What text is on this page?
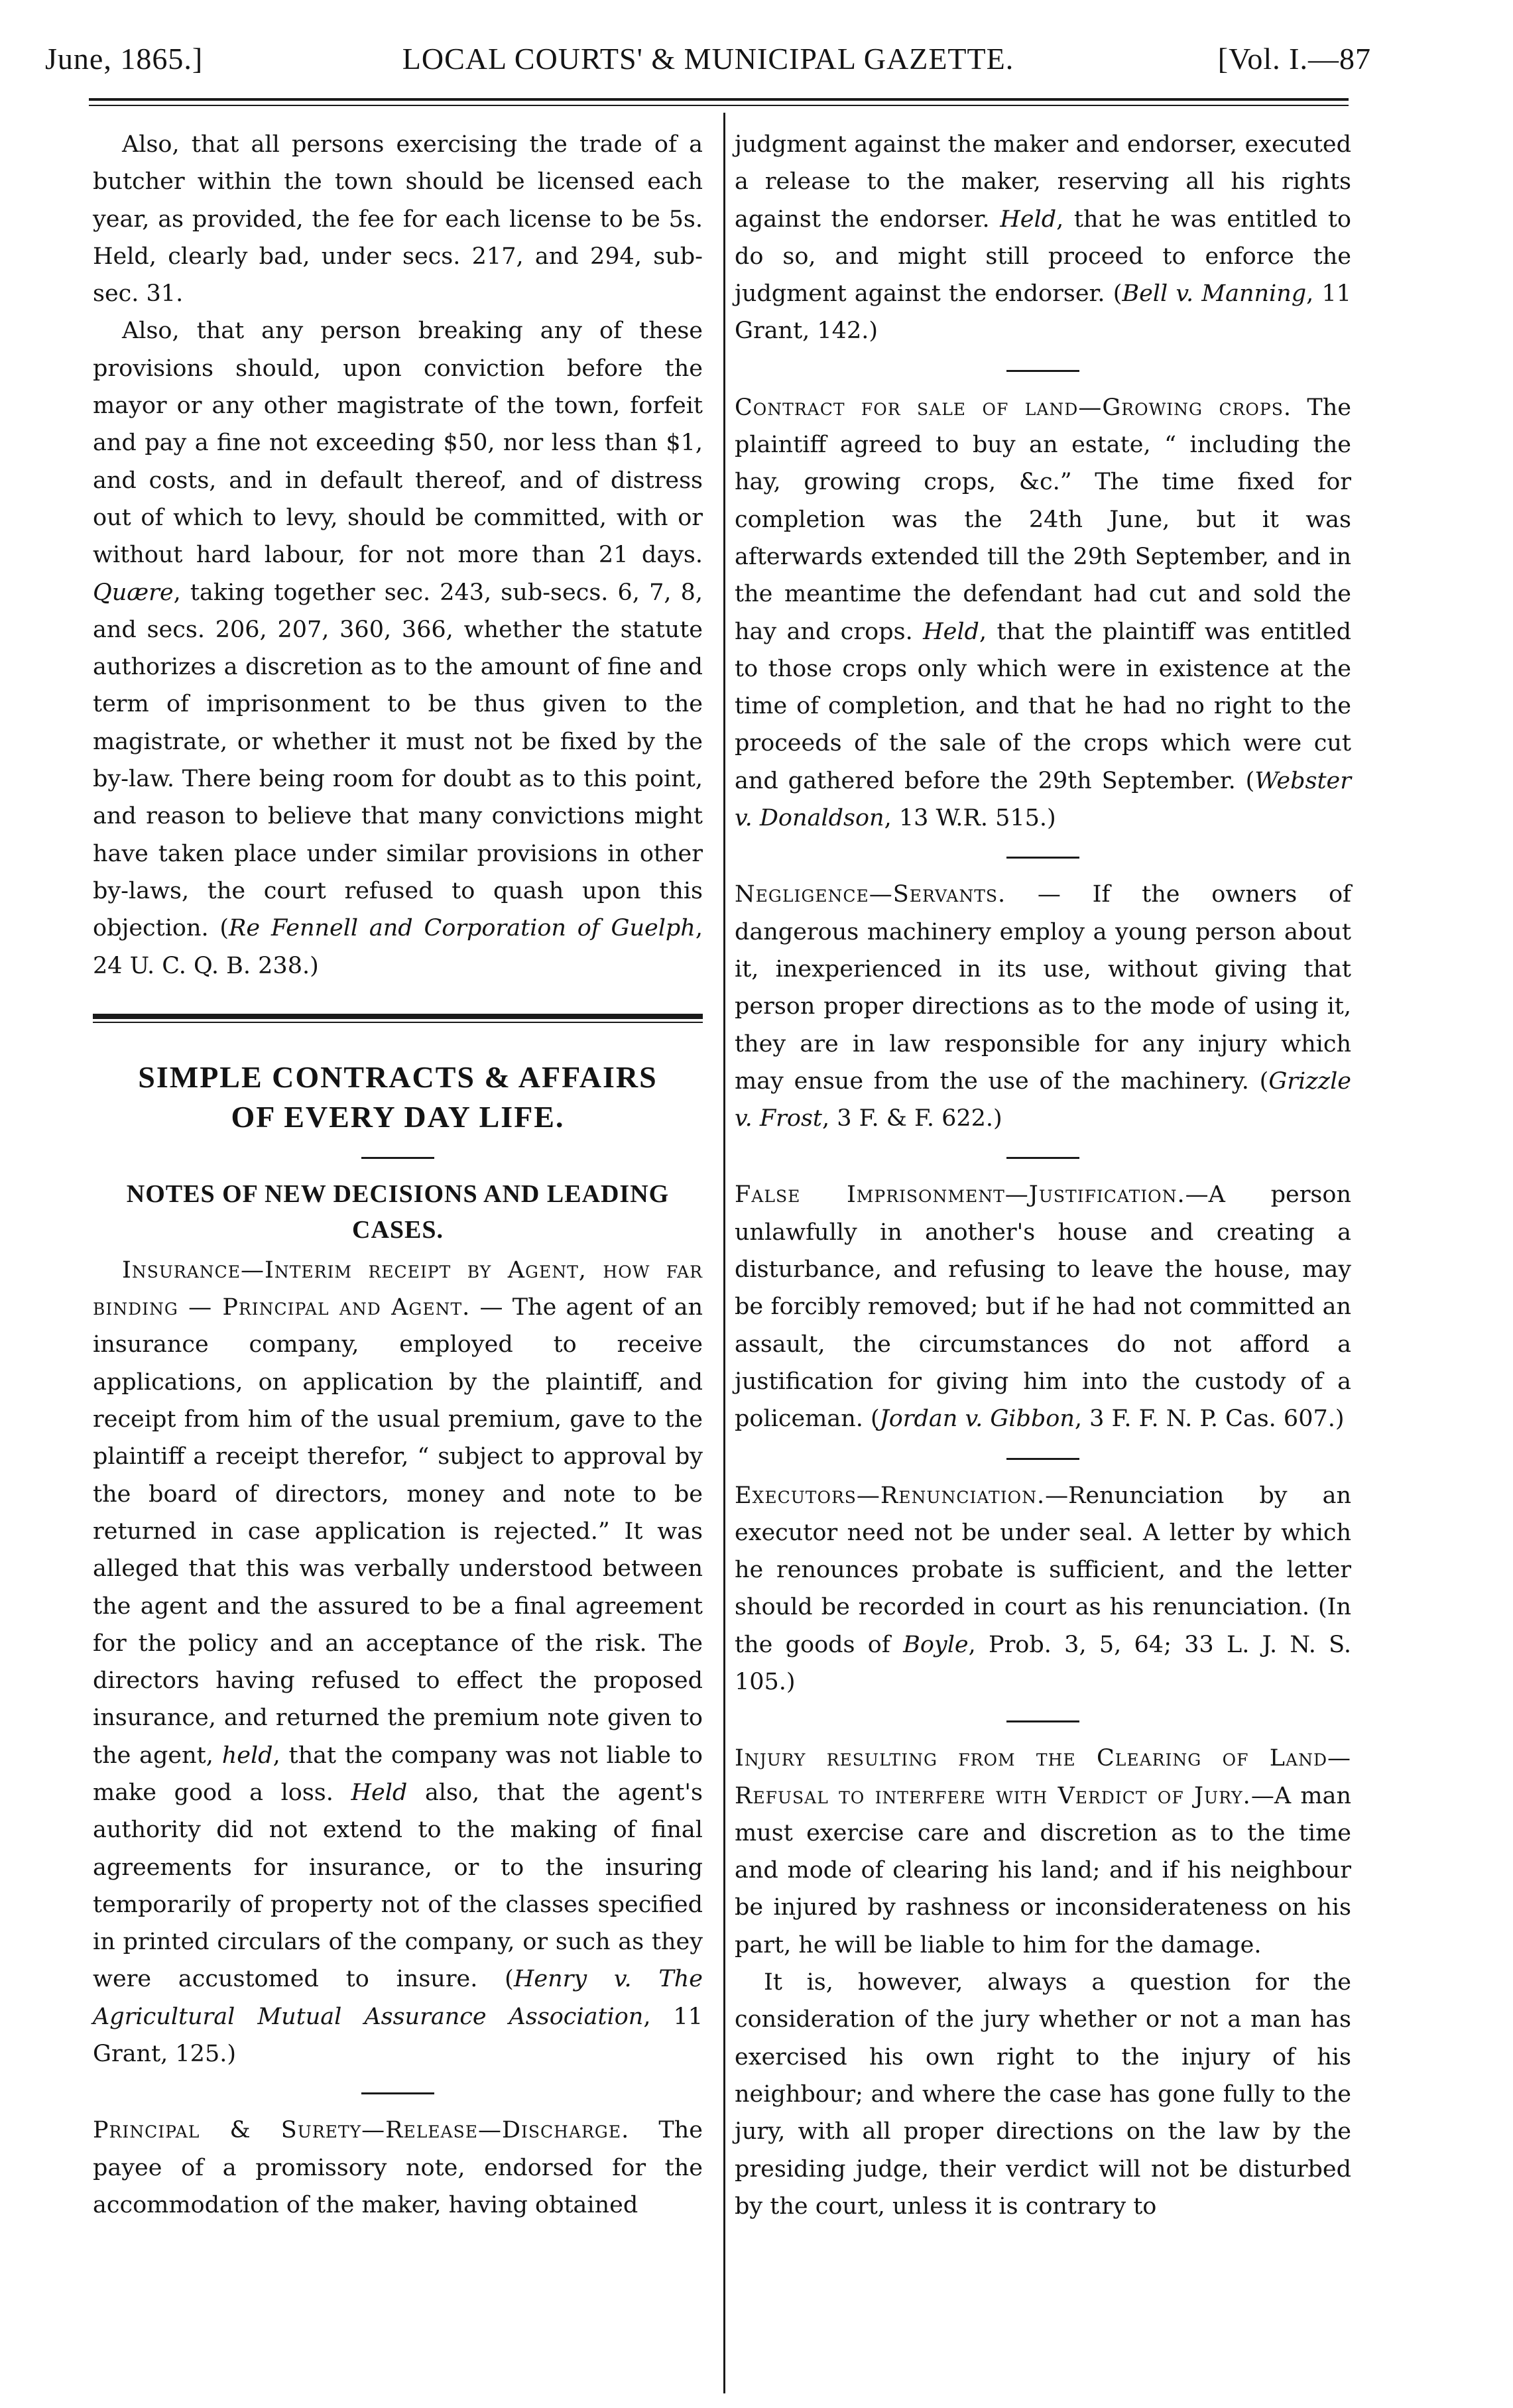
June, 1865.]	LOCAL COURTS' & MUNICIPAL GAZETTE.	[Vol. I.—87

Also, that all persons exercising the trade of a butcher within the town should be licensed each year, as provided, the fee for each license to be 5s. Held, clearly bad, under secs. 217, and 294, sub-sec. 31.

Also, that any person breaking any of these provisions should, upon conviction before the mayor or any other magistrate of the town, forfeit and pay a fine not exceeding $50, nor less than $1, and costs, and in default thereof, and of distress out of which to levy, should be committed, with or without hard labour, for not more than 21 days. Quære, taking together sec. 243, sub-secs. 6, 7, 8, and secs. 206, 207, 360, 366, whether the statute authorizes a discretion as to the amount of fine and term of imprisonment to be thus given to the magistrate, or whether it must not be fixed by the by-law. There being room for doubt as to this point, and reason to believe that many convictions might have taken place under similar provisions in other by-laws, the court refused to quash upon this objection. (Re Fennell and Corporation of Guelph, 24 U. C. Q. B. 238.)

SIMPLE CONTRACTS & AFFAIRS
OF EVERY DAY LIFE.
NOTES OF NEW DECISIONS AND LEADING
CASES.

Insurance—Interim receipt by Agent, how far binding — Principal and Agent. — The agent of an insurance company, employed to receive applications, on application by the plaintiff, and receipt from him of the usual premium, gave to the plaintiff a receipt therefor, “ subject to approval by the board of directors, money and note to be returned in case application is rejected.” It was alleged that this was verbally understood between the agent and the assured to be a final agreement for the policy and an acceptance of the risk. The directors having refused to effect the proposed insurance, and returned the premium note given to the agent, held, that the company was not liable to make good a loss. Held also, that the agent's authority did not extend to the making of final agreements for insurance, or to the insuring temporarily of property not of the classes specified in printed circulars of the company, or such as they were accustomed to insure. (Henry v. The Agricultural Mutual Assurance Association, 11 Grant, 125.)

Principal & Surety—Release—Discharge. The payee of a promissory note, endorsed for the accommodation of the maker, having obtained

judgment against the maker and endorser, executed a release to the maker, reserving all his rights against the endorser. Held, that he was entitled to do so, and might still proceed to enforce the judgment against the endorser. (Bell v. Manning, 11 Grant, 142.)

Contract for sale of land—Growing crops. The plaintiff agreed to buy an estate, “ including the hay, growing crops, &c.” The time fixed for completion was the 24th June, but it was afterwards extended till the 29th September, and in the meantime the defendant had cut and sold the hay and crops. Held, that the plaintiff was entitled to those crops only which were in existence at the time of completion, and that he had no right to the proceeds of the sale of the crops which were cut and gathered before the 29th September. (Webster v. Donaldson, 13 W.R. 515.)

Negligence—Servants. — If the owners of dangerous machinery employ a young person about it, inexperienced in its use, without giving that person proper directions as to the mode of using it, they are in law responsible for any injury which may ensue from the use of the machinery. (Grizzle v. Frost, 3 F. & F. 622.)

False Imprisonment—Justification.—A person unlawfully in another's house and creating a disturbance, and refusing to leave the house, may be forcibly removed; but if he had not committed an assault, the circumstances do not afford a justification for giving him into the custody of a policeman. (Jordan v. Gibbon, 3 F. F. N. P. Cas. 607.)

Executors—Renunciation.—Renunciation by an executor need not be under seal. A letter by which he renounces probate is sufficient, and the letter should be recorded in court as his renunciation. (In the goods of Boyle, Prob. 3, 5, 64; 33 L. J. N. S. 105.)

Injury resulting from the Clearing of Land—Refusal to interfere with Verdict of Jury.—A man must exercise care and discretion as to the time and mode of clearing his land; and if his neighbour be injured by rashness or inconsiderateness on his part, he will be liable to him for the damage.

It is, however, always a question for the consideration of the jury whether or not a man has exercised his own right to the injury of his neighbour; and where the case has gone fully to the jury, with all proper directions on the law by the presiding judge, their verdict will not be disturbed by the court, unless it is contrary to
